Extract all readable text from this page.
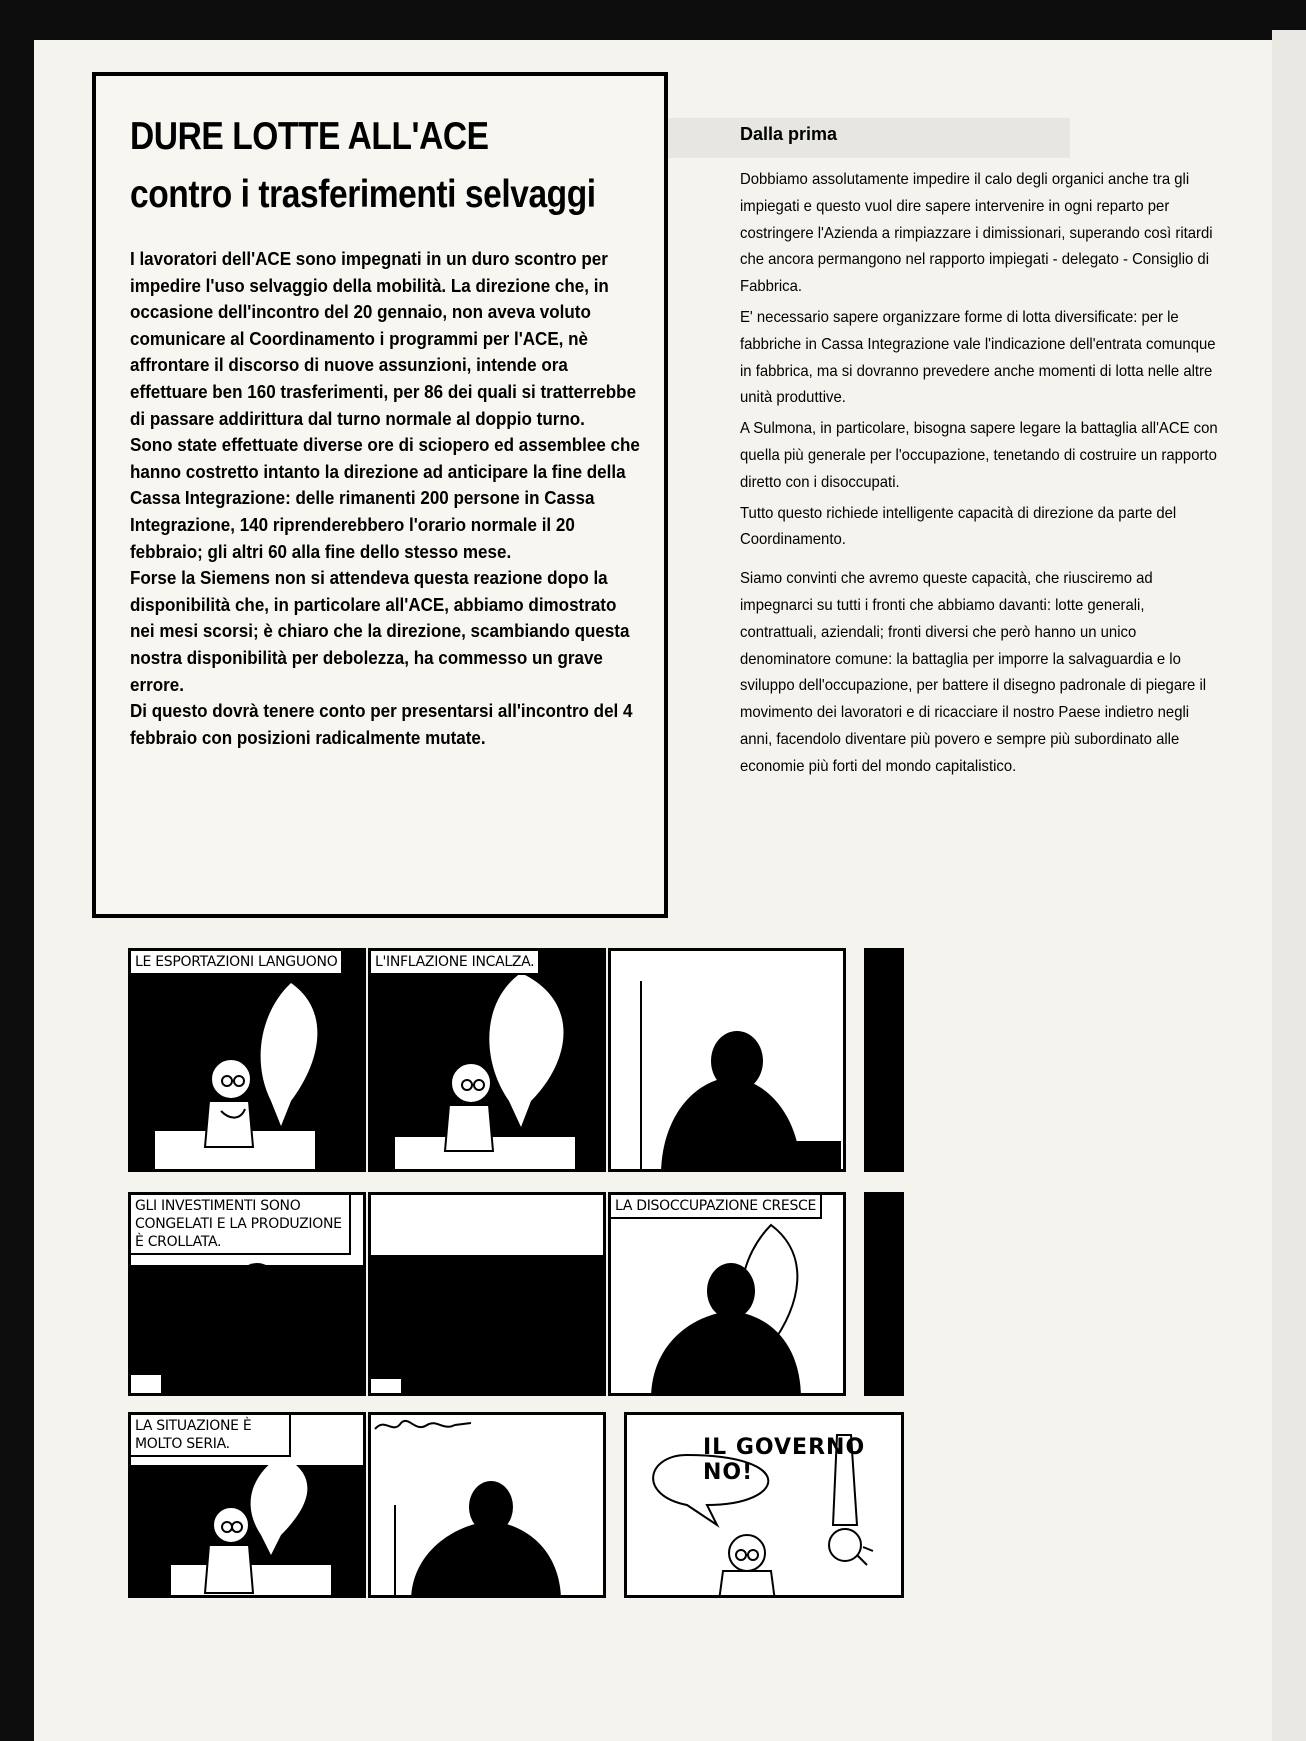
DURE LOTTE ALL'ACE
contro i trasferimenti selvaggi

I lavoratori dell'ACE sono impegnati in un duro scontro per impedire l'uso selvaggio della mobilità. La direzione che, in occasione dell'incontro del 20 gennaio, non aveva voluto comunicare al Coordinamento i programmi per l'ACE, nè affrontare il discorso di nuove assunzioni, intende ora effettuare ben 160 trasferimenti, per 86 dei quali si tratterrebbe di passare addirittura dal turno normale al doppio turno.

Sono state effettuate diverse ore di sciopero ed assemblee che hanno costretto intanto la direzione ad anticipare la fine della Cassa Integrazione: delle rimanenti 200 persone in Cassa Integrazione, 140 riprenderebbero l'orario normale il 20 febbraio; gli altri 60 alla fine dello stesso mese.

Forse la Siemens non si attendeva questa reazione dopo la disponibilità che, in particolare all'ACE, abbiamo dimostrato nei mesi scorsi; è chiaro che la direzione, scambiando questa nostra disponibilità per debolezza, ha commesso un grave errore.

Di questo dovrà tenere conto per presentarsi all'incontro del 4 febbraio con posizioni radicalmente mutate.

Dalla prima

Dobbiamo assolutamente impedire il calo degli organici anche tra gli impiegati e questo vuol dire sapere intervenire in ogni reparto per costringere l'Azienda a rimpiazzare i dimissionari, superando così ritardi che ancora permangono nel rapporto impiegati - delegato - Consiglio di Fabbrica.

E' necessario sapere organizzare forme di lotta diversificate: per le fabbriche in Cassa Integrazione vale l'indicazione dell'entrata comunque in fabbrica, ma si dovranno prevedere anche momenti di lotta nelle altre unità produttive.

A Sulmona, in particolare, bisogna sapere legare la battaglia all'ACE con quella più generale per l'occupazione, tenetando di costruire un rapporto diretto con i disoccupati.

Tutto questo richiede intelligente capacità di direzione da parte del Coordinamento.

Siamo convinti che avremo queste capacità, che riusciremo ad impegnarci su tutti i fronti che abbiamo davanti: lotte generali, contrattuali, aziendali; fronti diversi che però hanno un unico denominatore comune: la battaglia per imporre la salvaguardia e lo sviluppo dell'occupazione, per battere il disegno padronale di piegare il movimento dei lavoratori e di ricacciare il nostro Paese indietro negli anni, facendolo diventare più povero e sempre più subordinato alle economie più forti del mondo capitalistico.

LE ESPORTAZIONI LANGUONO	L'INFLAZIONE INCALZA.
GLI INVESTIMENTI SONO CONGELATI E LA PRODUZIONE È CROLLATA.
LA DISOCCUPAZIONE CRESCE
LA SITUAZIONE È MOLTO SERIA.	IL GOVERNO NO!
